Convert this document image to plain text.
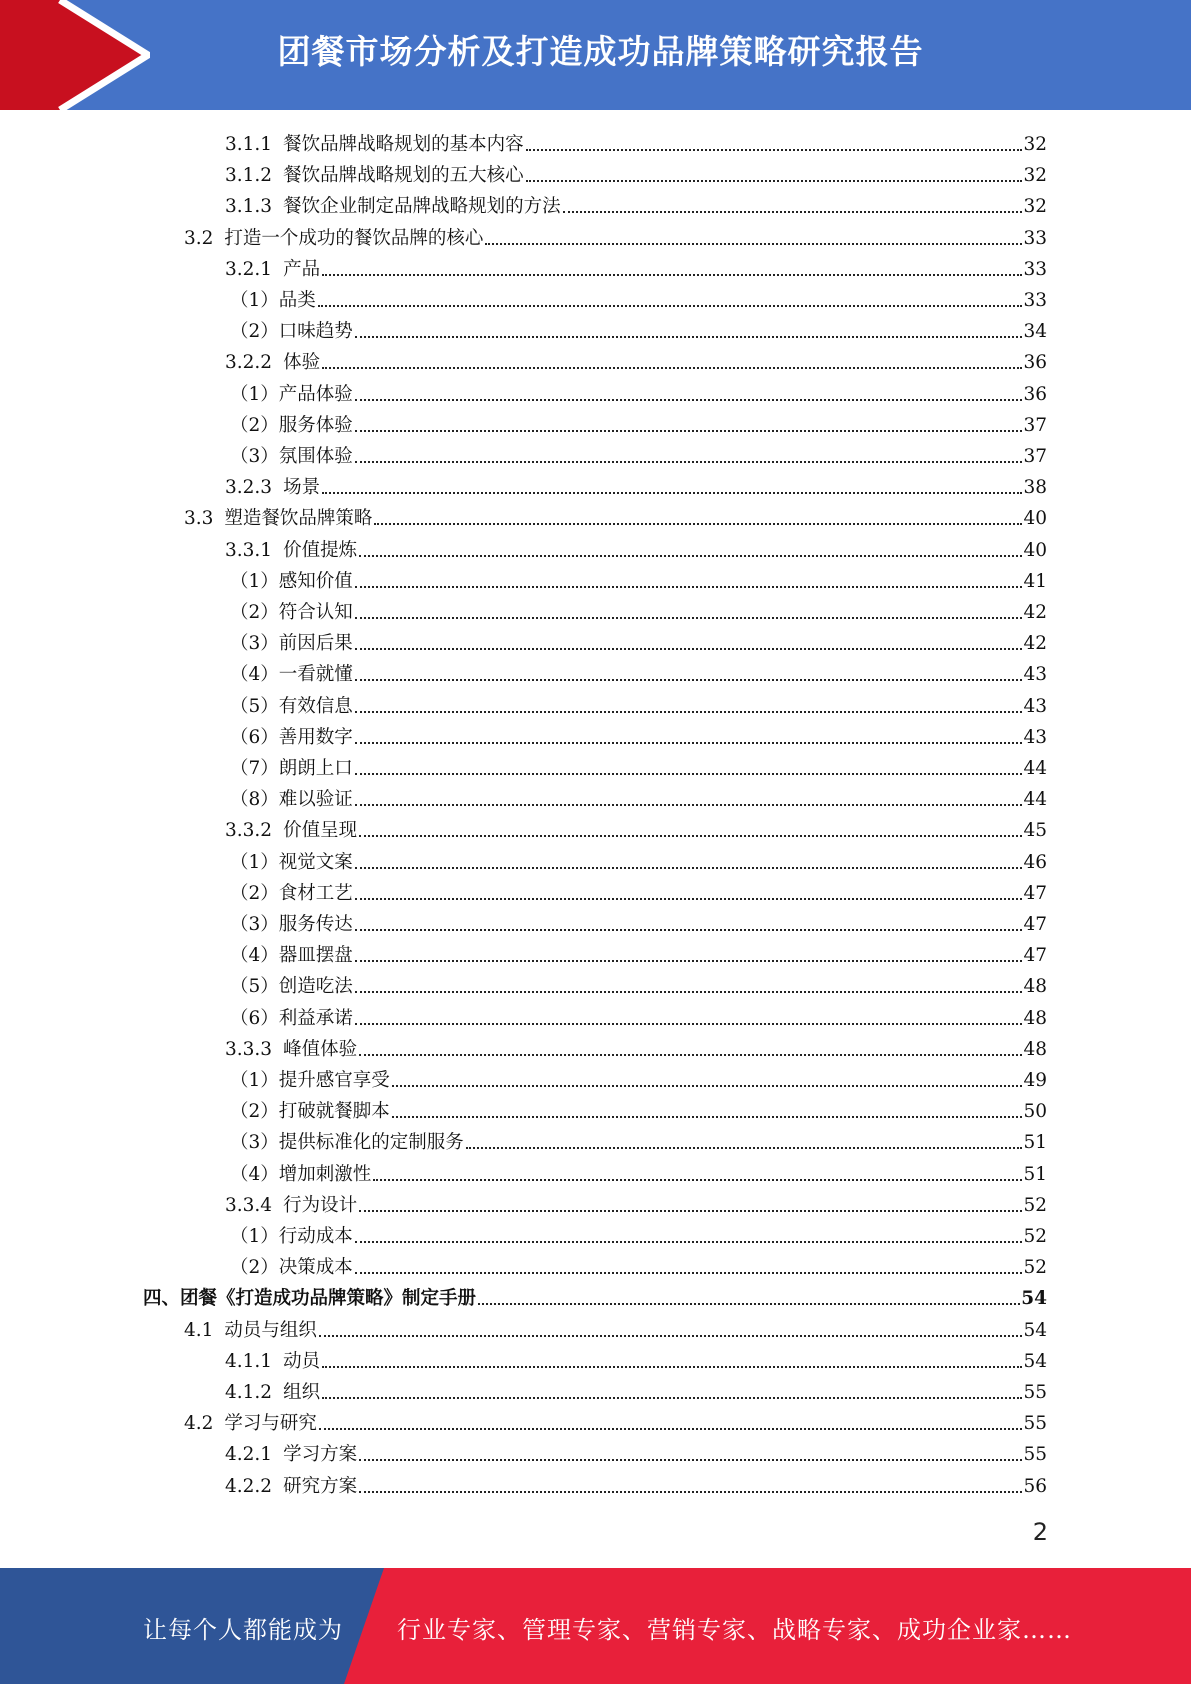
团餐市场分析及打造成功品牌策略研究报告
3.1.1 餐饮品牌战略规划的基本内容	32
3.1.2 餐饮品牌战略规划的五大核心	32
3.1.3 餐饮企业制定品牌战略规划的方法	32
3.2 打造一个成功的餐饮品牌的核心	33
3.2.1 产品	33
（1）品类	33
（2）口味趋势	34
3.2.2 体验	36
（1）产品体验	36
（2）服务体验	37
（3）氛围体验	37
3.2.3 场景	38
3.3 塑造餐饮品牌策略	40
3.3.1 价值提炼	40
（1）感知价值	41
（2）符合认知	42
（3）前因后果	42
（4）一看就懂	43
（5）有效信息	43
（6）善用数字	43
（7）朗朗上口	44
（8）难以验证	44
3.3.2 价值呈现	45
（1）视觉文案	46
（2）食材工艺	47
（3）服务传达	47
（4）器皿摆盘	47
（5）创造吃法	48
（6）利益承诺	48
3.3.3 峰值体验	48
（1）提升感官享受	49
（2）打破就餐脚本	50
（3）提供标准化的定制服务	51
（4）增加刺激性	51
3.3.4 行为设计	52
（1）行动成本	52
（2）决策成本	52
四、团餐《打造成功品牌策略》制定手册	54
4.1 动员与组织	54
4.1.1 动员	54
4.1.2 组织	55
4.2 学习与研究	55
4.2.1 学习方案	55
4.2.2 研究方案	56
2
让每个人都能成为 行业专家、管理专家、营销专家、战略专家、成功企业家……
